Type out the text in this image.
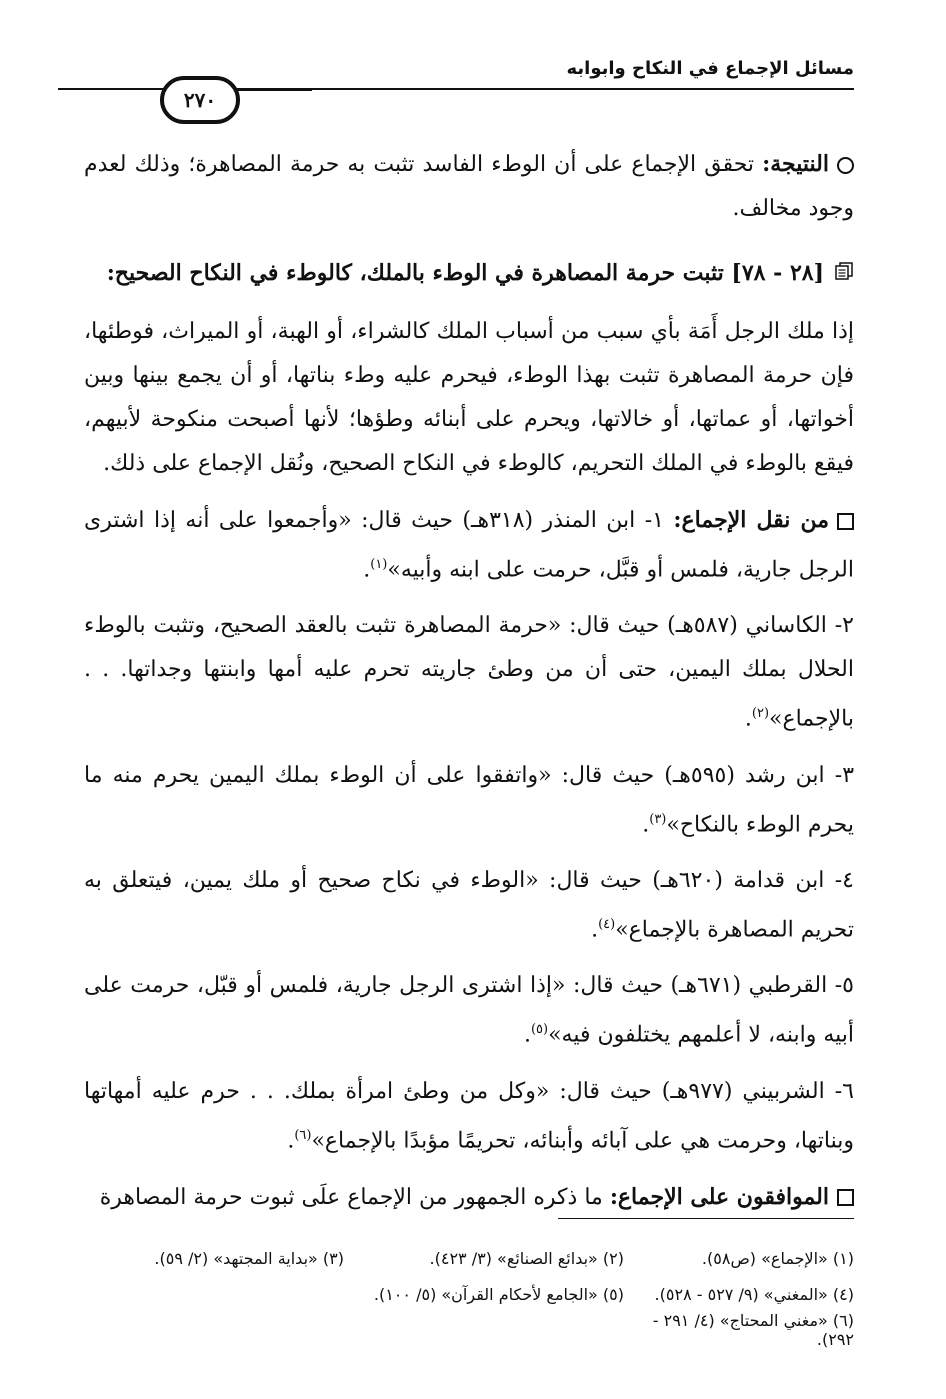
مسائل الإجماع في النكاح وابوابه
٢٧٠

النتيجة: تحقق الإجماع على أن الوطء الفاسد تثبت به حرمة المصاهرة؛ وذلك لعدم وجود مخالف.

[٢٨ - ٧٨] تثبت حرمة المصاهرة في الوطء بالملك، كالوطء في النكاح الصحيح:

إذا ملك الرجل أَمَة بأي سبب من أسباب الملك كالشراء، أو الهبة، أو الميراث، فوطئها، فإن حرمة المصاهرة تثبت بهذا الوطء، فيحرم عليه وطء بناتها، أو أن يجمع بينها وبين أخواتها، أو عماتها، أو خالاتها، ويحرم على أبنائه وطؤها؛ لأنها أصبحت منكوحة لأبيهم، فيقع بالوطء في الملك التحريم، كالوطء في النكاح الصحيح، ونُقل الإجماع على ذلك.

من نقل الإجماع: ١- ابن المنذر (٣١٨هـ) حيث قال: «وأجمعوا على أنه إذا اشترى الرجل جارية، فلمس أو قبَّل، حرمت على ابنه وأبيه»$^{(١)}$.

٢- الكاساني (٥٨٧هـ) حيث قال: «حرمة المصاهرة تثبت بالعقد الصحيح، وتثبت بالوطء الحلال بملك اليمين، حتى أن من وطئ جاريته تحرم عليه أمها وابنتها وجداتها. . . بالإجماع»$^{(٢)}$.

٣- ابن رشد (٥٩٥هـ) حيث قال: «واتفقوا على أن الوطء بملك اليمين يحرم منه ما يحرم الوطء بالنكاح»$^{(٣)}$.

٤- ابن قدامة (٦٢٠هـ) حيث قال: «الوطء في نكاح صحيح أو ملك يمين، فيتعلق به تحريم المصاهرة بالإجماع»$^{(٤)}$.

٥- القرطبي (٦٧١هـ) حيث قال: «إذا اشترى الرجل جارية، فلمس أو قبّل، حرمت على أبيه وابنه، لا أعلمهم يختلفون فيه»$^{(٥)}$.

٦- الشربيني (٩٧٧هـ) حيث قال: «وكل من وطئ امرأة بملك. . . حرم عليه أمهاتها وبناتها، وحرمت هي على آبائه وأبنائه، تحريمًا مؤبدًا بالإجماع»$^{(٦)}$.

الموافقون على الإجماع: ما ذكره الجمهور من الإجماع علَى ثبوت حرمة المصاهرة

(١) «الإجماع» (ص٥٨).
(٢) «بدائع الصنائع» (٣/ ٤٢٣).
(٣) «بداية المجتهد» (٢/ ٥٩).
(٤) «المغني» (٩/ ٥٢٧ - ٥٢٨).
(٥) «الجامع لأحكام القرآن» (٥/ ١٠٠).
(٦) «مغني المحتاج» (٤/ ٢٩١ - ٢٩٢).
